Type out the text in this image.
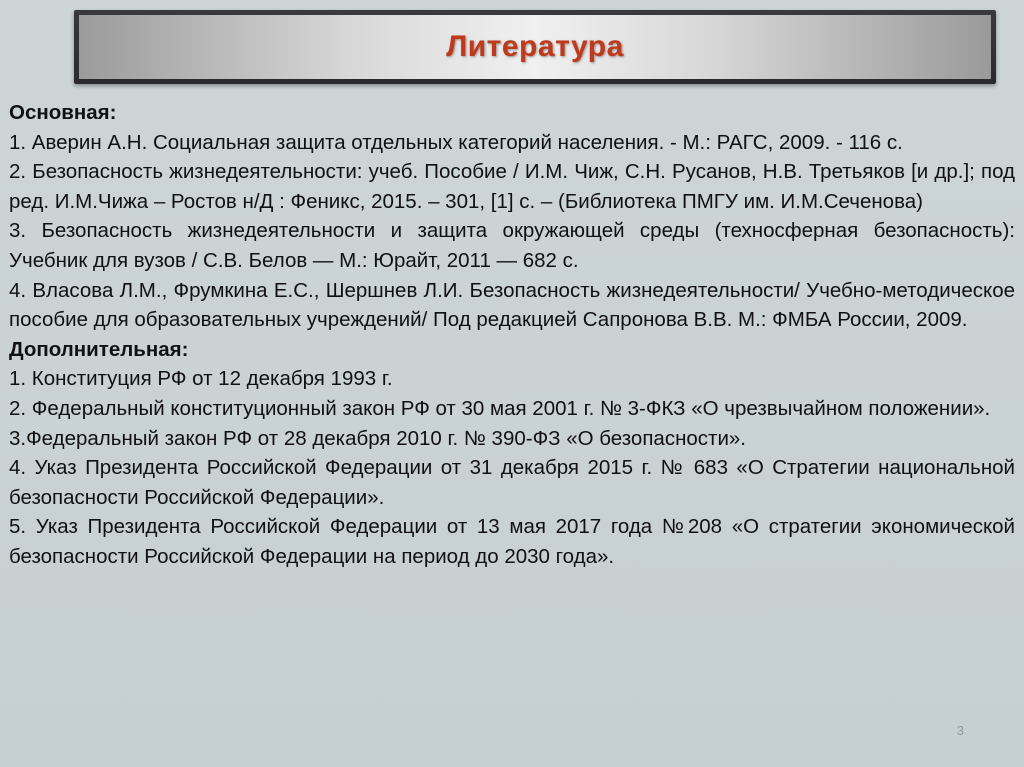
Литература
Основная:
1. Аверин А.Н. Социальная защита отдельных категорий населения. - М.: РАГС, 2009. - 116 с.
2. Безопасность жизнедеятельности: учеб. Пособие / И.М. Чиж, С.Н. Русанов, Н.В. Третьяков [и др.]; под ред. И.М.Чижа – Ростов н/Д : Феникс, 2015. – 301, [1] с. – (Библиотека ПМГУ им. И.М.Сеченова)
3. Безопасность жизнедеятельности и защита окружающей среды (техносферная безопасность): Учебник для вузов / С.В. Белов — М.: Юрайт, 2011 — 682 с.
4. Власова Л.М., Фрумкина Е.С., Шершнев Л.И. Безопасность жизнедеятельности/ Учебно-методическое пособие для образовательных учреждений/ Под редакцией Сапронова В.В. М.: ФМБА России, 2009.
Дополнительная:
1. Конституция РФ от 12 декабря 1993 г.
2. Федеральный конституционный закон РФ от 30 мая 2001 г. № 3-ФКЗ «О чрезвычайном положении».
3.Федеральный закон РФ от 28 декабря 2010 г. № 390-ФЗ «О безопасности».
4. Указ Президента Российской Федерации от 31 декабря 2015 г. № 683 «О Стратегии национальной безопасности Российской Федерации».
5. Указ Президента Российской Федерации от 13 мая 2017 года №208 «О стратегии экономической безопасности Российской Федерации на период до 2030 года».
3
